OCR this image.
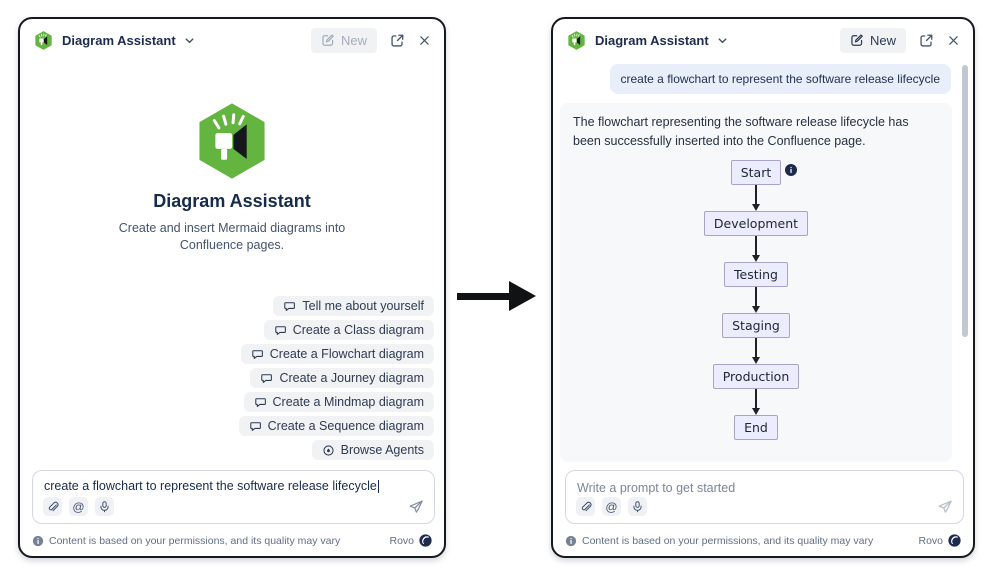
Diagram Assistant	New
Diagram Assistant
Create and insert Mermaid diagrams into Confluence pages.
Tell me about yourself
Create a Class diagram
Create a Flowchart diagram
Create a Journey diagram
Create a Mindmap diagram
Create a Sequence diagram
Browse Agents
create a flowchart to represent the software release lifecycle
@
Content is based on your permissions, and its quality may vary	Rovo
Diagram Assistant	New
create a flowchart to represent the software release lifecycle
The flowchart representing the software release lifecycle has been successfully inserted into the Confluence page.
Start
Development
Testing
Staging
Production
End
Write a prompt to get started
@
Content is based on your permissions, and its quality may vary	Rovo
